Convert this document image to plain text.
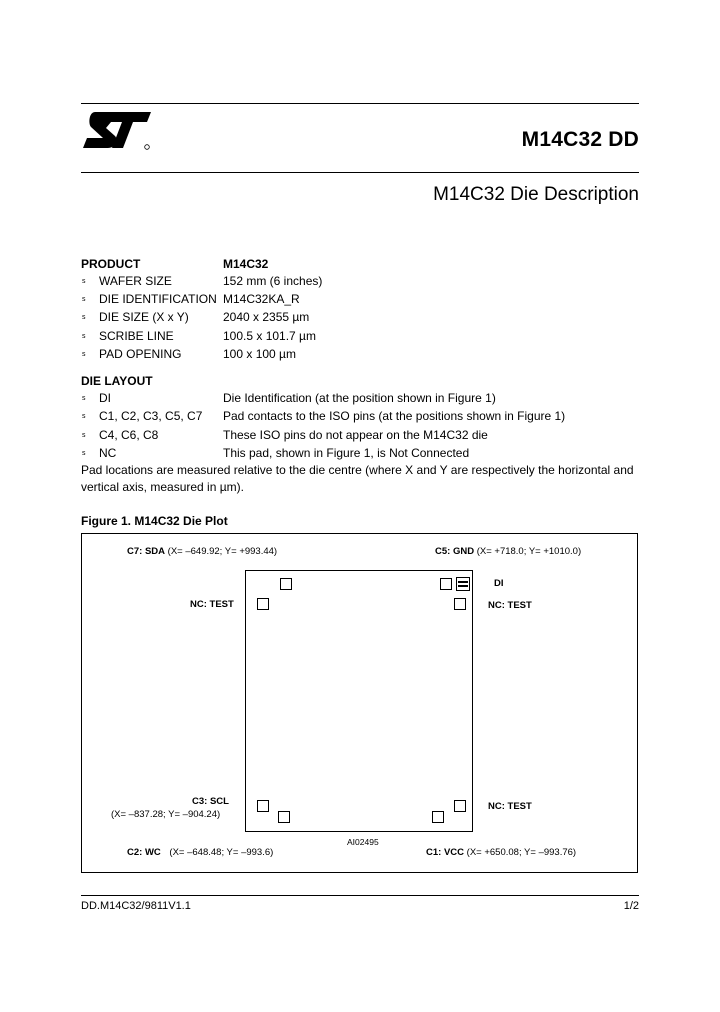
M14C32 DD
M14C32 Die Description
PRODUCT	M14C32
s WAFER SIZE	152 mm (6 inches)
s DIE IDENTIFICATION M14C32KA_R
s DIE SIZE (X x Y)	2040 x 2355 µm
s SCRIBE LINE	100.5 x 101.7 µm
s PAD OPENING	100 x 100 µm
DIE LAYOUT
s DI	Die Identification (at the position shown in Figure 1)
s C1, C2, C3, C5, C7 Pad contacts to the ISO pins (at the positions shown in Figure 1)
s C4, C6, C8	These ISO pins do not appear on the M14C32 die
s NC	This pad, shown in Figure 1, is Not Connected
Pad locations are measured relative to the die centre (where X and Y are respectively the horizontal and vertical axis, measured in µm).
Figure 1. M14C32 Die Plot
C7: SDA (X= –649.92; Y= +993.44)	C5: GND (X= +718.0; Y= +1010.0)
DI
NC: TEST	NC: TEST
C3: SCL
(X= –837.28; Y= –904.24)
NC: TEST
AI02495
C2: WC (X= –648.48; Y= –993.6)	C1: VCC (X= +650.08; Y= –993.76)
DD.M14C32/9811V1.1	1/2
